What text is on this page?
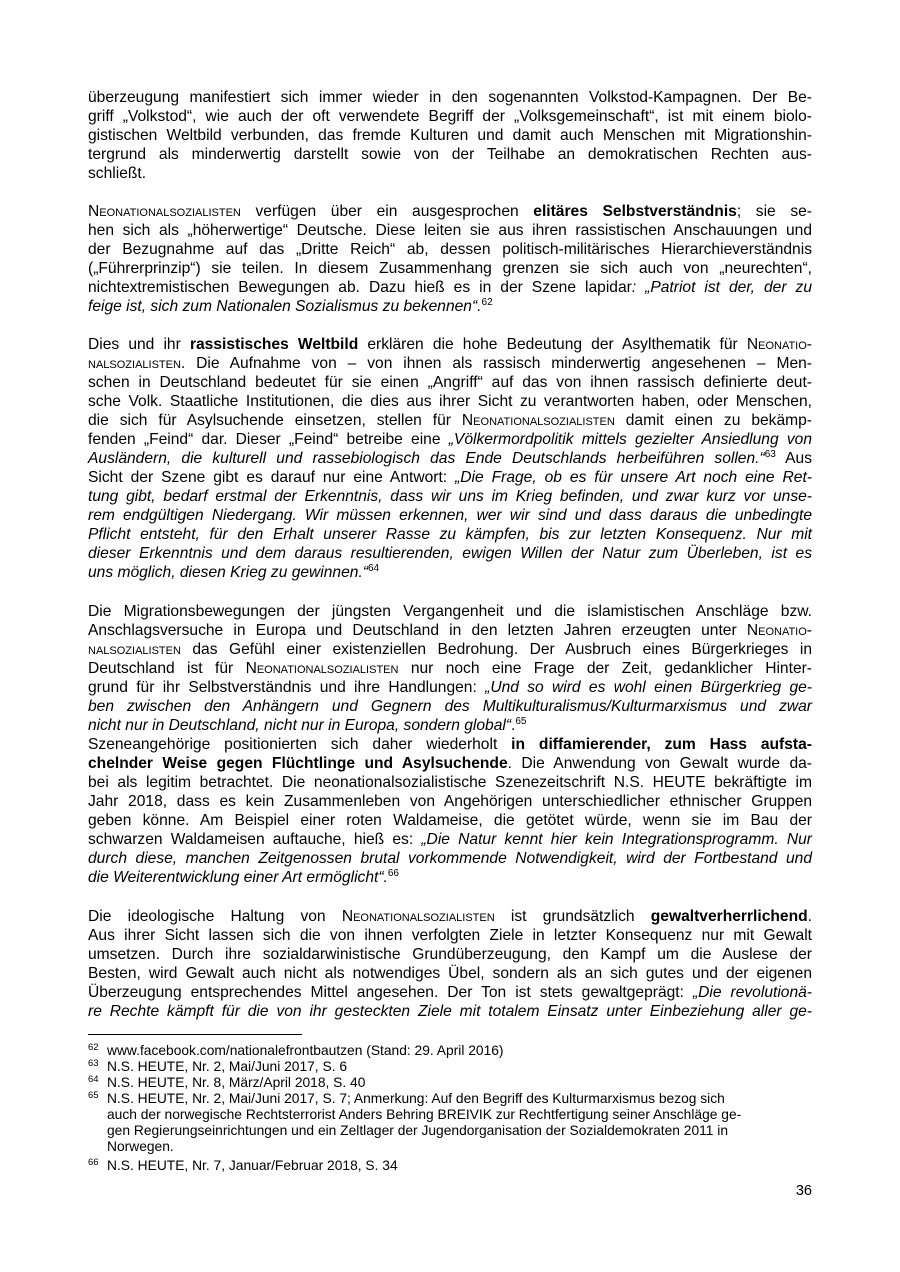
überzeugung manifestiert sich immer wieder in den sogenannten Volkstod-Kampagnen. Der Be-
griff „Volkstod“, wie auch der oft verwendete Begriff der „Volksgemeinschaft“, ist mit einem biolo-
gistischen Weltbild verbunden, das fremde Kulturen und damit auch Menschen mit Migrationshin-
tergrund als minderwertig darstellt sowie von der Teilhabe an demokratischen Rechten aus-
schließt.
Neonationalsozialisten verfügen über ein ausgesprochen elitäres Selbstverständnis; sie se-
hen sich als „höherwertige“ Deutsche. Diese leiten sie aus ihren rassistischen Anschauungen und
der Bezugnahme auf das „Dritte Reich“ ab, dessen politisch-militärisches Hierarchieverständnis
(„Führerprinzip“) sie teilen. In diesem Zusammenhang grenzen sie sich auch von „neurechten“,
nichtextremistischen Bewegungen ab. Dazu hieß es in der Szene lapidar: „Patriot ist der, der zu
feige ist, sich zum Nationalen Sozialismus zu bekennen“.$^{62}$
Dies und ihr rassistisches Weltbild erklären die hohe Bedeutung der Asylthematik für Neonatio-
nalsozialisten. Die Aufnahme von – von ihnen als rassisch minderwertig angesehenen – Men-
schen in Deutschland bedeutet für sie einen „Angriff“ auf das von ihnen rassisch definierte deut-
sche Volk. Staatliche Institutionen, die dies aus ihrer Sicht zu verantworten haben, oder Menschen,
die sich für Asylsuchende einsetzen, stellen für Neonationalsozialisten damit einen zu bekämp-
fenden „Feind“ dar. Dieser „Feind“ betreibe eine „Völkermordpolitik mittels gezielter Ansiedlung von
Ausländern, die kulturell und rassebiologisch das Ende Deutschlands herbeiführen sollen.“$^{63}$ Aus
Sicht der Szene gibt es darauf nur eine Antwort: „Die Frage, ob es für unsere Art noch eine Ret-
tung gibt, bedarf erstmal der Erkenntnis, dass wir uns im Krieg befinden, und zwar kurz vor unse-
rem endgültigen Niedergang. Wir müssen erkennen, wer wir sind und dass daraus die unbedingte
Pflicht entsteht, für den Erhalt unserer Rasse zu kämpfen, bis zur letzten Konsequenz. Nur mit
dieser Erkenntnis und dem daraus resultierenden, ewigen Willen der Natur zum Überleben, ist es
uns möglich, diesen Krieg zu gewinnen.“$^{64}$
Die Migrationsbewegungen der jüngsten Vergangenheit und die islamistischen Anschläge bzw.
Anschlagsversuche in Europa und Deutschland in den letzten Jahren erzeugten unter Neonatio-
nalsozialisten das Gefühl einer existenziellen Bedrohung. Der Ausbruch eines Bürgerkrieges in
Deutschland ist für Neonationalsozialisten nur noch eine Frage der Zeit, gedanklicher Hinter-
grund für ihr Selbstverständnis und ihre Handlungen: „Und so wird es wohl einen Bürgerkrieg ge-
ben zwischen den Anhängern und Gegnern des Multikulturalismus/Kulturmarxismus und zwar
nicht nur in Deutschland, nicht nur in Europa, sondern global“.$^{65}$
Szeneangehörige positionierten sich daher wiederholt in diffamierender, zum Hass aufsta-
chelnder Weise gegen Flüchtlinge und Asylsuchende. Die Anwendung von Gewalt wurde da-
bei als legitim betrachtet. Die neonationalsozialistische Szenezeitschrift N.S. HEUTE bekräftigte im
Jahr 2018, dass es kein Zusammenleben von Angehörigen unterschiedlicher ethnischer Gruppen
geben könne. Am Beispiel einer roten Waldameise, die getötet würde, wenn sie im Bau der
schwarzen Waldameisen auftauche, hieß es: „Die Natur kennt hier kein Integrationsprogramm. Nur
durch diese, manchen Zeitgenossen brutal vorkommende Notwendigkeit, wird der Fortbestand und
die Weiterentwicklung einer Art ermöglicht“.$^{66}$
Die ideologische Haltung von Neonationalsozialisten ist grundsätzlich gewaltverherrlichend.
Aus ihrer Sicht lassen sich die von ihnen verfolgten Ziele in letzter Konsequenz nur mit Gewalt
umsetzen. Durch ihre sozialdarwinistische Grundüberzeugung, den Kampf um die Auslese der
Besten, wird Gewalt auch nicht als notwendiges Übel, sondern als an sich gutes und der eigenen
Überzeugung entsprechendes Mittel angesehen. Der Ton ist stets gewaltgeprägt: „Die revolutionä-
re Rechte kämpft für die von ihr gesteckten Ziele mit totalem Einsatz unter Einbeziehung aller ge-
62 www.facebook.com/nationalefrontbautzen (Stand: 29. April 2016)
63 N.S. HEUTE, Nr. 2, Mai/Juni 2017, S. 6
64 N.S. HEUTE, Nr. 8, März/April 2018, S. 40
65 N.S. HEUTE, Nr. 2, Mai/Juni 2017, S. 7; Anmerkung: Auf den Begriff des Kulturmarxismus bezog sich
auch der norwegische Rechtsterrorist Anders Behring BREIVIK zur Rechtfertigung seiner Anschläge ge-
gen Regierungseinrichtungen und ein Zeltlager der Jugendorganisation der Sozialdemokraten 2011 in
Norwegen.
66 N.S. HEUTE, Nr. 7, Januar/Februar 2018, S. 34
36
